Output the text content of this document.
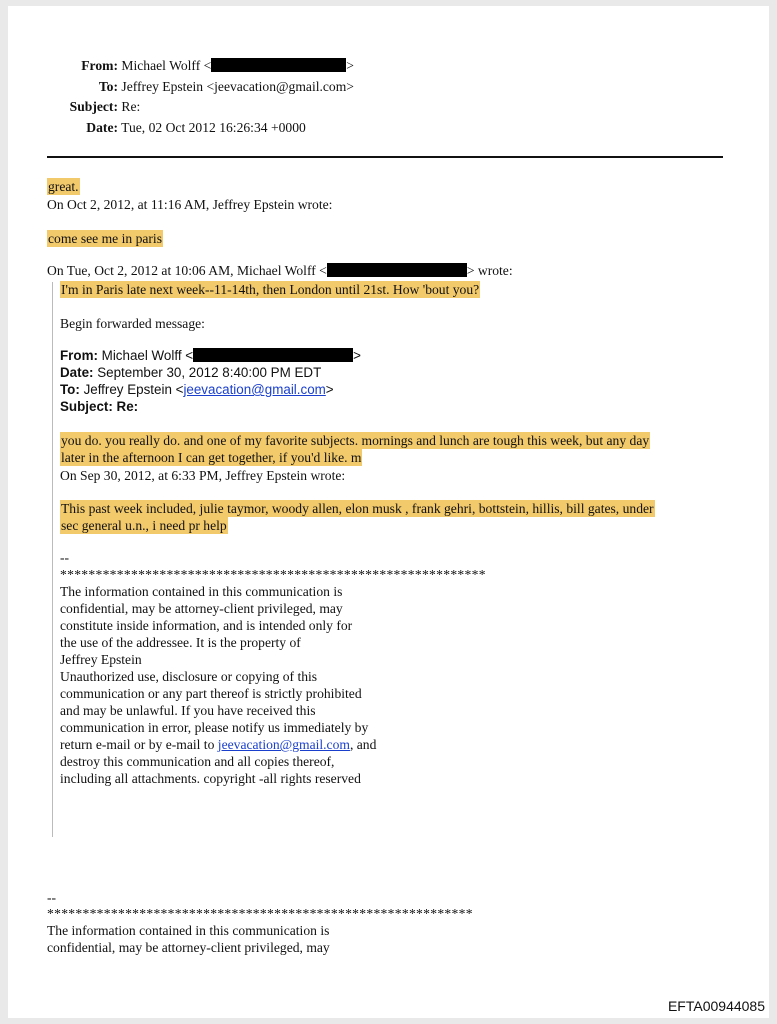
From: Michael Wolff <	>
To: Jeffrey Epstein <jeevacation@gmail.com>
Subject: Re:
Date: Tue, 02 Oct 2012 16:26:34 +0000
great.
On Oct 2, 2012, at 11:16 AM, Jeffrey Epstein wrote:
come see me in paris
On Tue, Oct 2, 2012 at 10:06 AM, Michael Wolff <	> wrote:
I'm in Paris late next week--11-14th, then London until 21st. How 'bout you?
Begin forwarded message:
From: Michael Wolff <	>
Date: September 30, 2012 8:40:00 PM EDT
To: Jeffrey Epstein <jeevacation@gmail.com>
Subject: Re:
you do. you really do. and one of my favorite subjects. mornings and lunch are tough this week, but any day
later in the afternoon I can get together, if you'd like. m
On Sep 30, 2012, at 6:33 PM, Jeffrey Epstein wrote:
This past week included, julie taymor, woody allen, elon musk , frank gehri, bottstein, hillis, bill gates, under
sec general u.n., i need pr help
--
************************************************************
The information contained in this communication is
confidential, may be attorney-client privileged, may
constitute inside information, and is intended only for
the use of the addressee. It is the property of
Jeffrey Epstein
Unauthorized use, disclosure or copying of this
communication or any part thereof is strictly prohibited
and may be unlawful. If you have received this
communication in error, please notify us immediately by
return e-mail or by e-mail to jeevacation@gmail.com, and
destroy this communication and all copies thereof,
including all attachments. copyright -all rights reserved
--
************************************************************
The information contained in this communication is
confidential, may be attorney-client privileged, may
EFTA00944085
